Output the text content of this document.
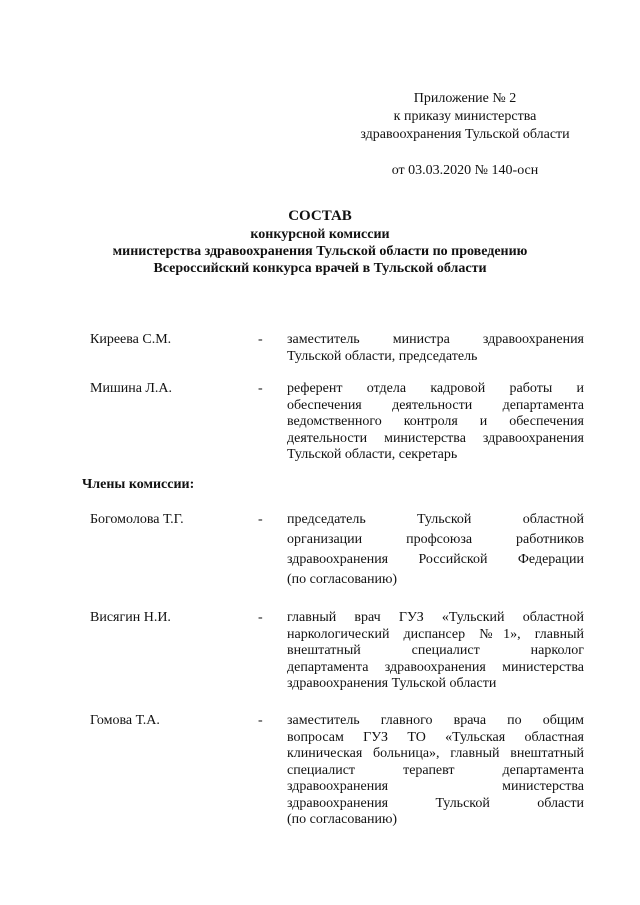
Приложение № 2
к приказу министерства
здравоохранения Тульской области
от 03.03.2020 № 140-осн
СОСТАВ
конкурсной комиссии
министерства здравоохранения Тульской области по проведению
Всероссийский конкурса врачей в Тульской области
Киреева С.М.	- заместитель министра здравоохранения
Тульской области, председатель
Мишина Л.А.	- референт отдела кадровой работы и
обеспечения деятельности департамента
ведомственного контроля и обеспечения
деятельности министерства здравоохранения
Тульской области, секретарь
Члены комиссии:
Богомолова Т.Г.	- председатель Тульской областной
организации профсоюза работников
здравоохранения Российской Федерации
(по согласованию)
Висягин Н.И.	- главный врач ГУЗ «Тульский областной
наркологический диспансер №1», главный
внештатный специалист нарколог
департамента здравоохранения министерства
здравоохранения Тульской области
Гомова Т.А.	- заместитель главного врача по общим
вопросам ГУЗ ТО «Тульская областная
клиническая больница», главный внештатный
специалист терапевт департамента
здравоохранения министерства
здравоохранения Тульской области
(по согласованию)
